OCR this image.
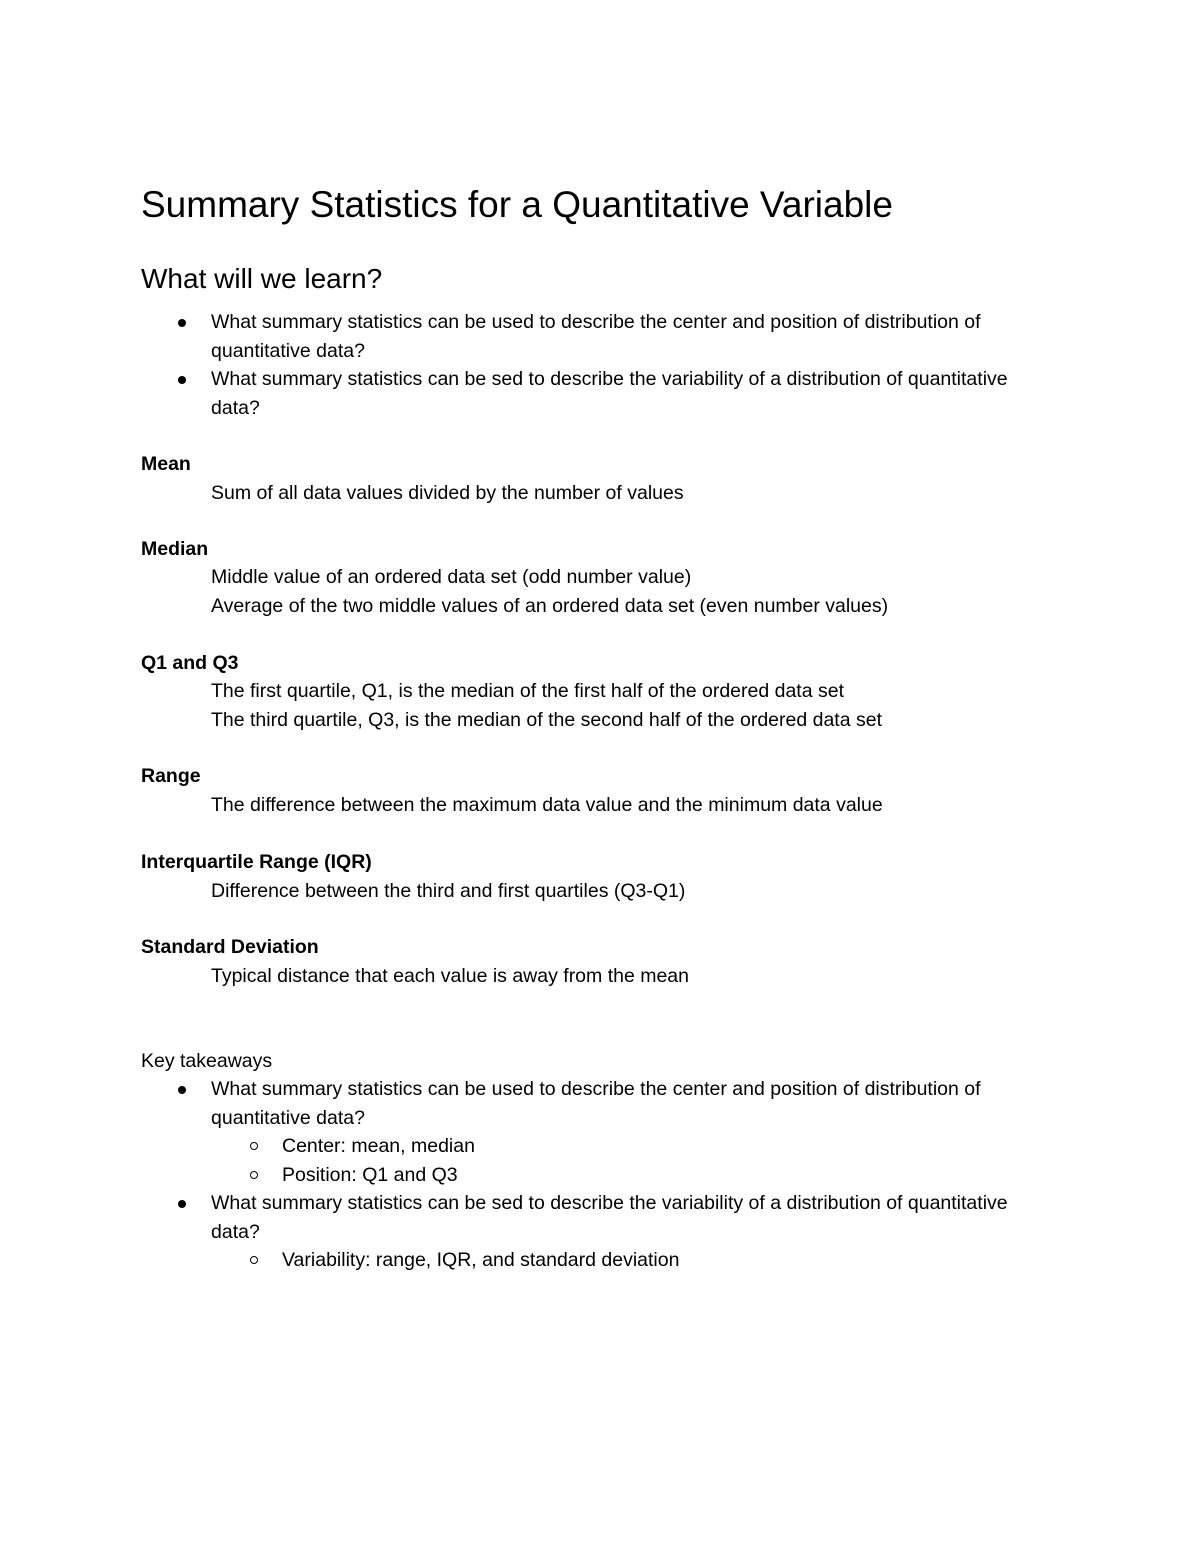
Summary Statistics for a Quantitative Variable
What will we learn?
What summary statistics can be used to describe the center and position of distribution of quantitative data?
What summary statistics can be sed to describe the variability of a distribution of quantitative data?

Mean

Sum of all data values divided by the number of values

Median

Middle value of an ordered data set (odd number value)

Average of the two middle values of an ordered data set (even number values)

Q1 and Q3

The first quartile, Q1, is the median of the first half of the ordered data set

The third quartile, Q3, is the median of the second half of the ordered data set

Range

The difference between the maximum data value and the minimum data value

Interquartile Range (IQR)

Difference between the third and first quartiles (Q3-Q1)

Standard Deviation

Typical distance that each value is away from the mean

Key takeaways

What summary statistics can be used to describe the center and position of distribution of quantitative data?
Center: mean, median
Position: Q1 and Q3
What summary statistics can be sed to describe the variability of a distribution of quantitative data?
Variability: range, IQR, and standard deviation
